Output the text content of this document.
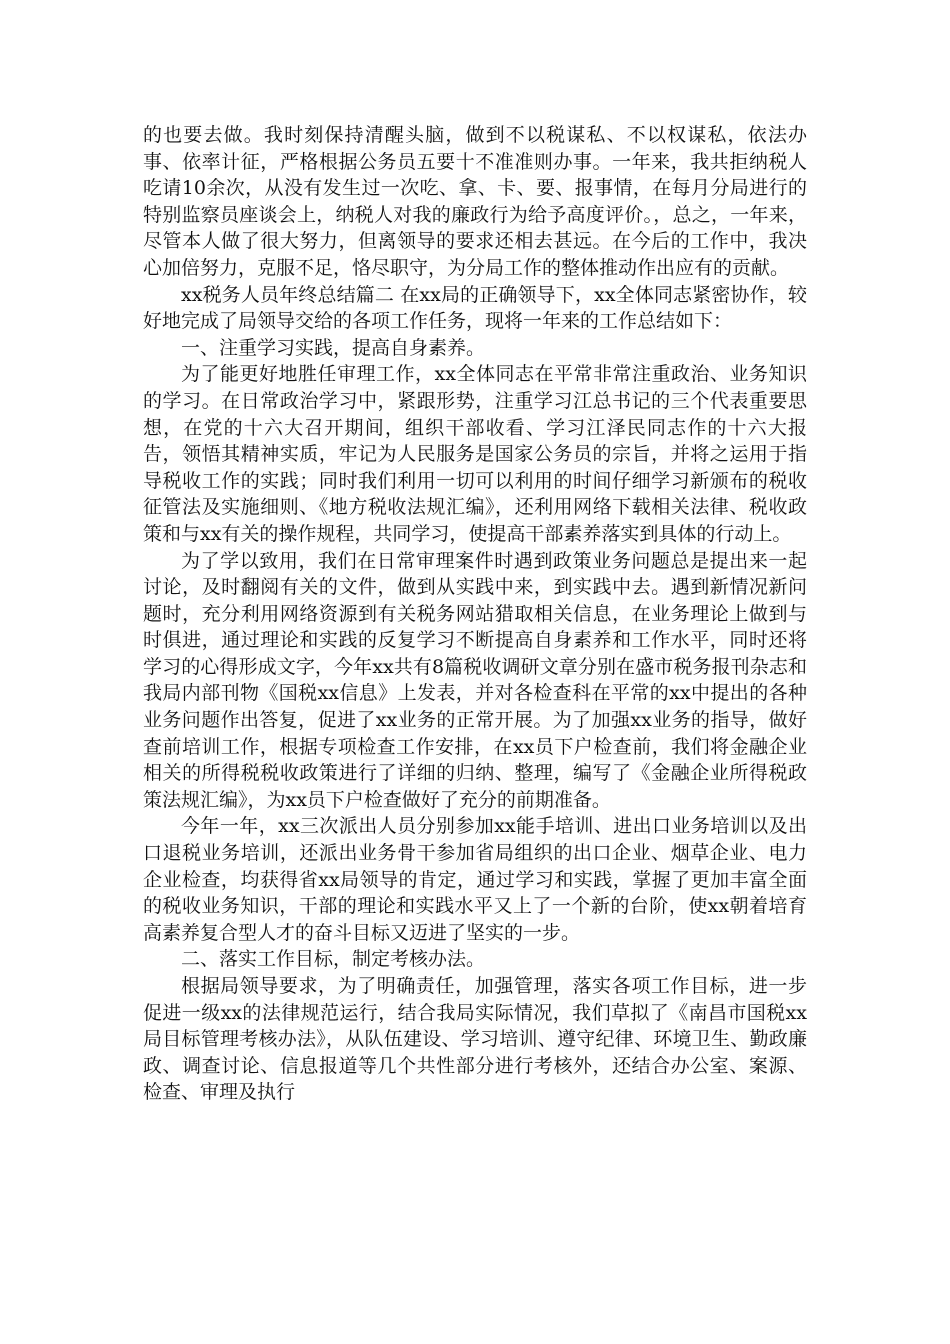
的也要去做。我时刻保持清醒头脑，做到不以税谋私、不以权谋私，依法办事、依率计征，严格根据公务员五要十不准准则办事。一年来，我共拒纳税人吃请10余次，从没有发生过一次吃、拿、卡、要、报事情，在每月分局进行的特别监察员座谈会上，纳税人对我的廉政行为给予高度评价。，总之，一年来，尽管本人做了很大努力，但离领导的要求还相去甚远。在今后的工作中，我决心加倍努力，克服不足，恪尽职守，为分局工作的整体推动作出应有的贡献。

xx税务人员年终总结篇二 在xx局的正确领导下，xx全体同志紧密协作，较好地完成了局领导交给的各项工作任务，现将一年来的工作总结如下：

一、注重学习实践，提高自身素养。

为了能更好地胜任审理工作，xx全体同志在平常非常注重政治、业务知识的学习。在日常政治学习中，紧跟形势，注重学习江总书记的三个代表重要思想，在党的十六大召开期间，组织干部收看、学习江泽民同志作的十六大报告，领悟其精神实质，牢记为人民服务是国家公务员的宗旨，并将之运用于指导税收工作的实践；同时我们利用一切可以利用的时间仔细学习新颁布的税收征管法及实施细则、《地方税收法规汇编》，还利用网络下载相关法律、税收政策和与xx有关的操作规程，共同学习，使提高干部素养落实到具体的行动上。

为了学以致用，我们在日常审理案件时遇到政策业务问题总是提出来一起讨论，及时翻阅有关的文件，做到从实践中来，到实践中去。遇到新情况新问题时，充分利用网络资源到有关税务网站猎取相关信息，在业务理论上做到与时俱进，通过理论和实践的反复学习不断提高自身素养和工作水平，同时还将学习的心得形成文字，今年xx共有8篇税收调研文章分别在盛市税务报刊杂志和我局内部刊物《国税xx信息》上发表，并对各检查科在平常的xx中提出的各种业务问题作出答复，促进了xx业务的正常开展。为了加强xx业务的指导，做好查前培训工作，根据专项检查工作安排，在xx员下户检查前，我们将金融企业相关的所得税税收政策进行了详细的归纳、整理，编写了《金融企业所得税政策法规汇编》，为xx员下户检查做好了充分的前期准备。

今年一年，xx三次派出人员分别参加xx能手培训、进出口业务培训以及出口退税业务培训，还派出业务骨干参加省局组织的出口企业、烟草企业、电力企业检查，均获得省xx局领导的肯定，通过学习和实践，掌握了更加丰富全面的税收业务知识，干部的理论和实践水平又上了一个新的台阶，使xx朝着培育高素养复合型人才的奋斗目标又迈进了坚实的一步。

二、落实工作目标，制定考核办法。

根据局领导要求，为了明确责任，加强管理，落实各项工作目标，进一步促进一级xx的法律规范运行，结合我局实际情况，我们草拟了《南昌市国税xx局目标管理考核办法》，从队伍建设、学习培训、遵守纪律、环境卫生、勤政廉政、调查讨论、信息报道等几个共性部分进行考核外，还结合办公室、案源、检查、审理及执行
